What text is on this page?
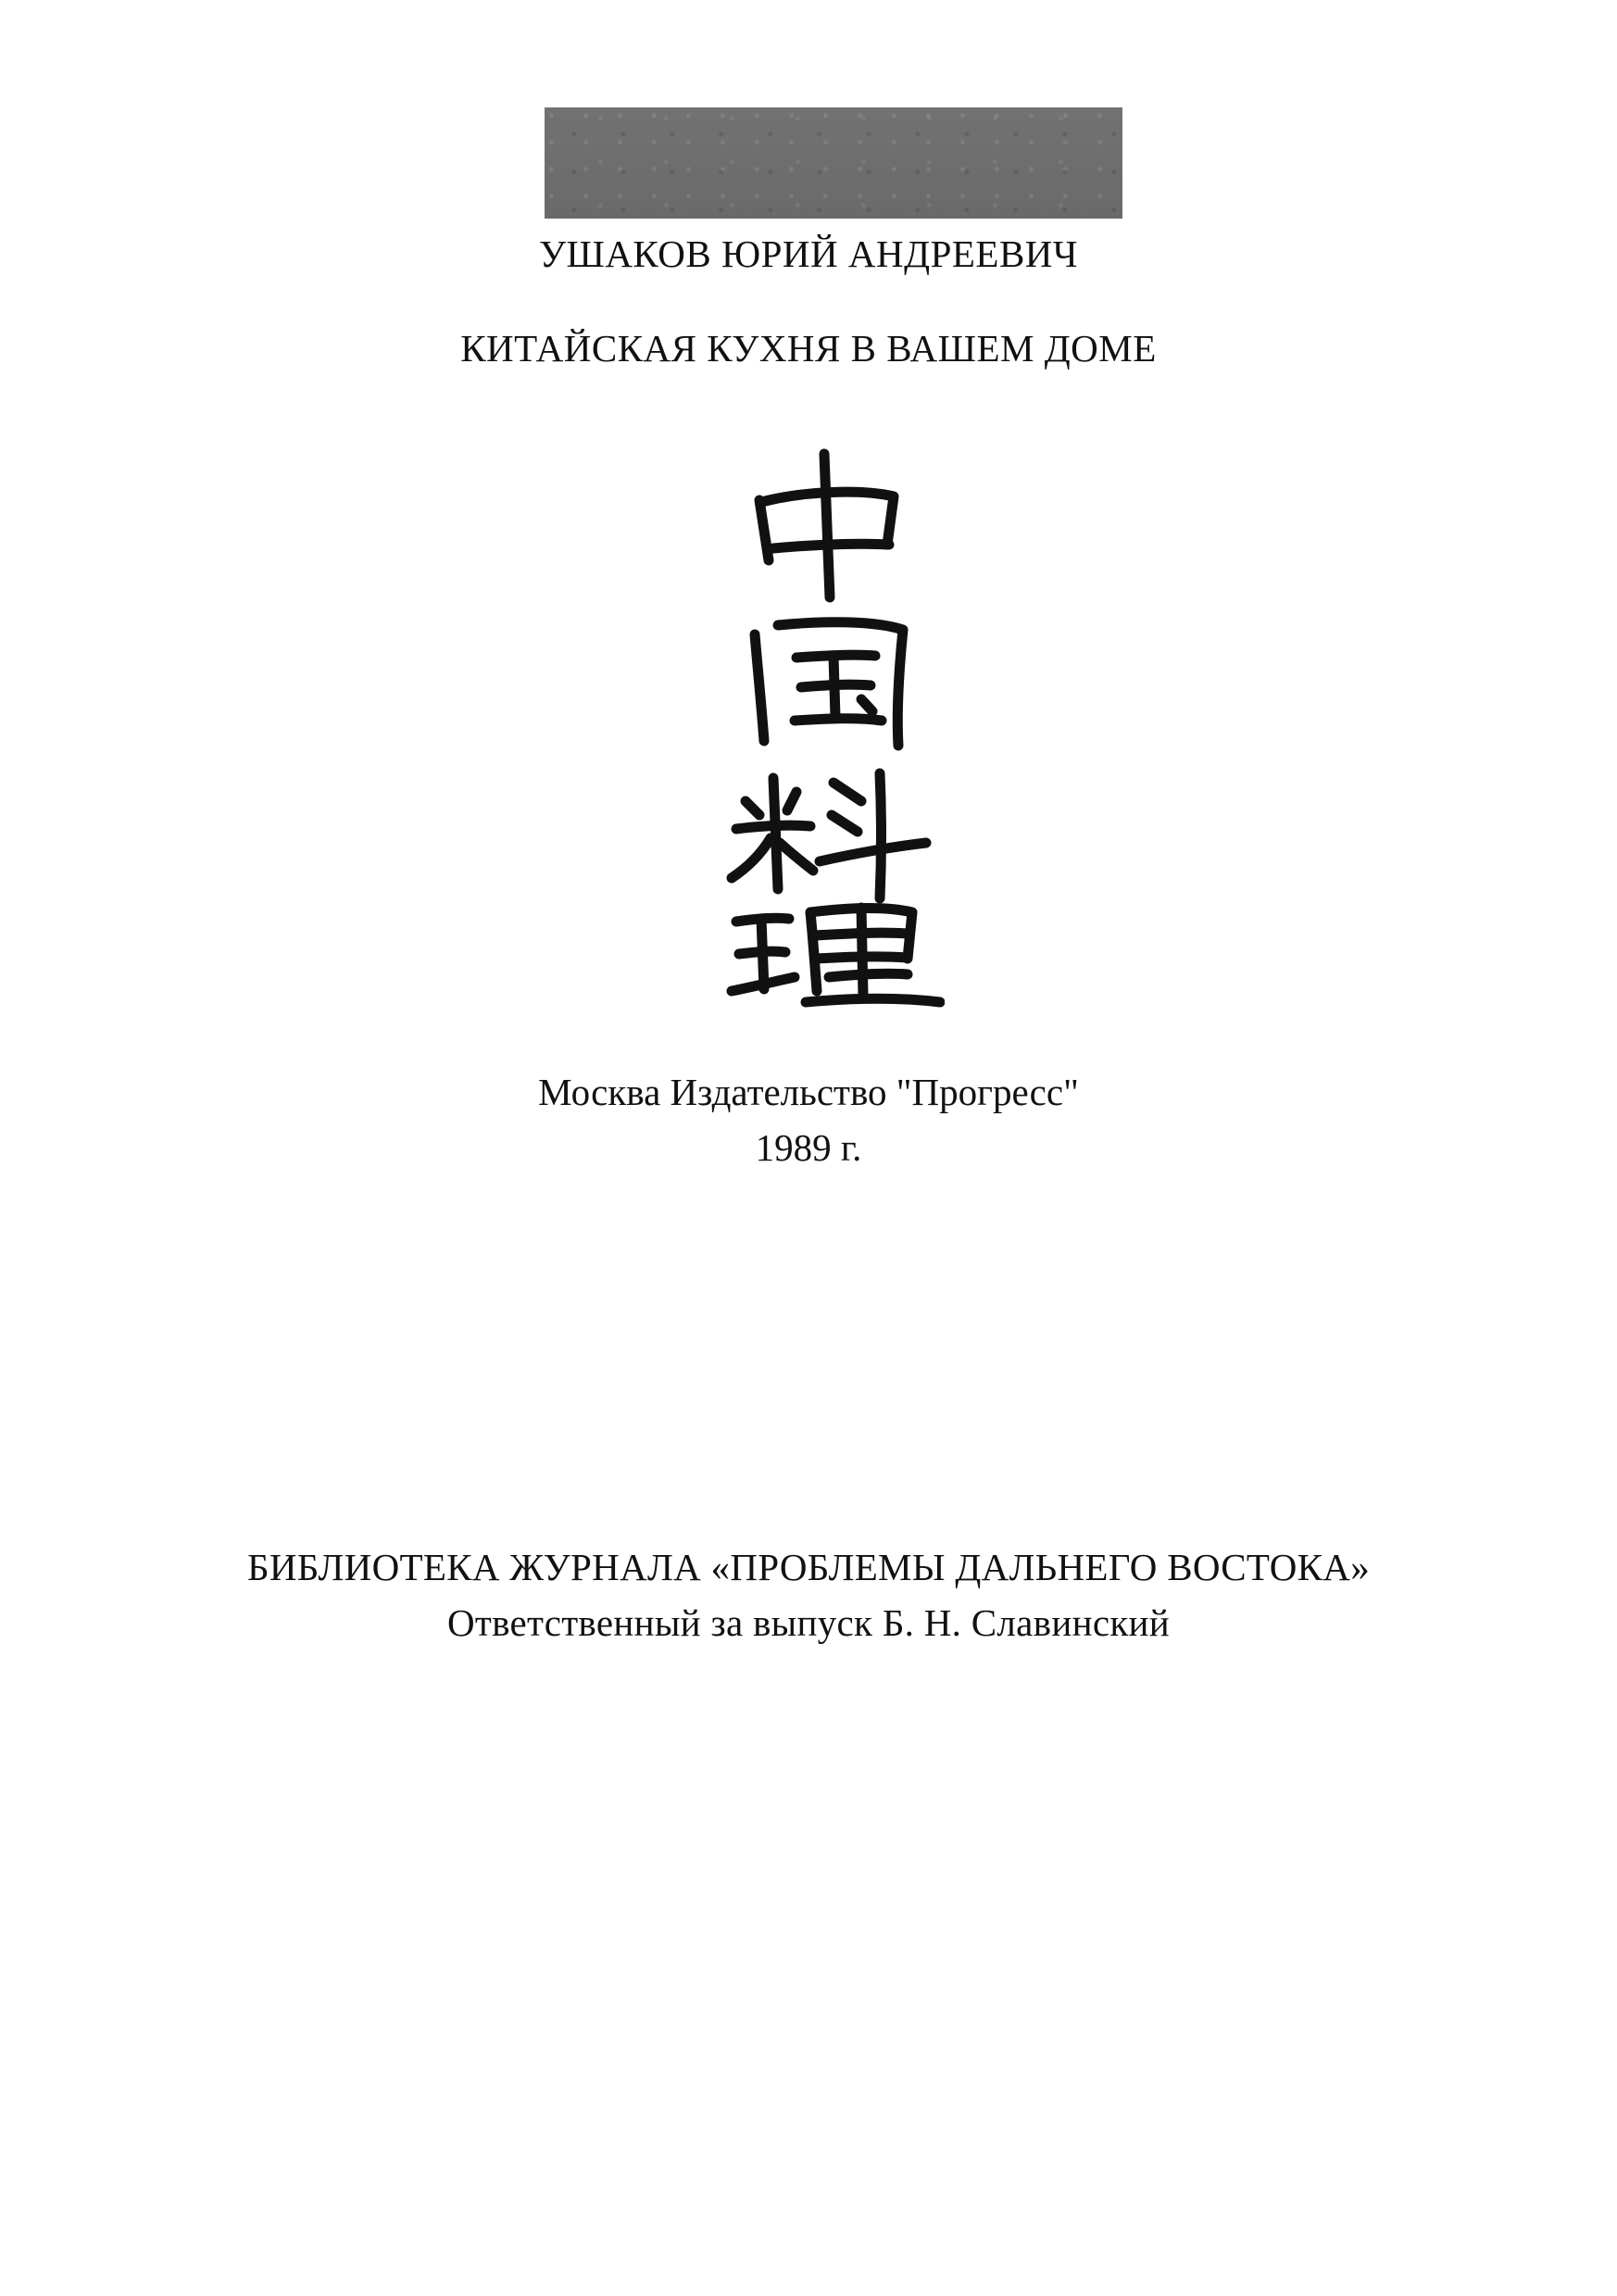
УШАКОВ ЮРИЙ АНДРЕЕВИЧ
КИТАЙСКАЯ КУХНЯ В ВАШЕМ ДОМЕ
Москва Издательство "Прогресс"
1989 г.
БИБЛИОТЕКА ЖУРНАЛА «ПРОБЛЕМЫ ДАЛЬНЕГО ВОСТОКА»
Ответственный за выпуск Б. Н. Славинский
